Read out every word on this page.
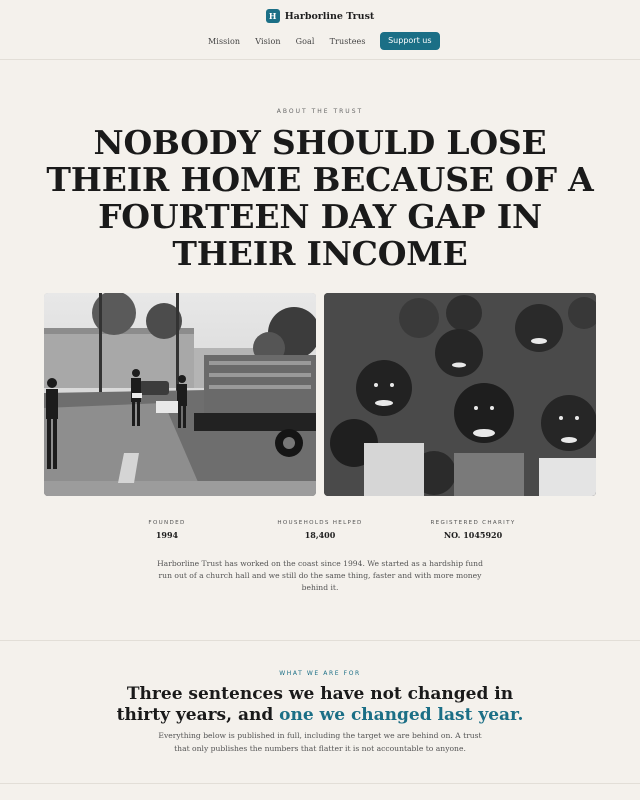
H Harborline Trust
Mission Vision Goal Trustees	Support us
ABOUT THE TRUST
NOBODY SHOULD LOSE THEIR HOME BECAUSE OF A FOURTEEN DAY GAP IN THEIR INCOME
FOUNDED
1994
HOUSEHOLDS HELPED
18,400
REGISTERED CHARITY
NO. 1045920

Harborline Trust has worked on the coast since 1994. We started as a hardship fund run out of a church hall and we still do the same thing, faster and with more money behind it.

WHAT WE ARE FOR
Three sentences we have not changed in thirty years, and one we changed last year.

Everything below is published in full, including the target we are behind on. A trust that only publishes the numbers that flatter it is not accountable to anyone.
